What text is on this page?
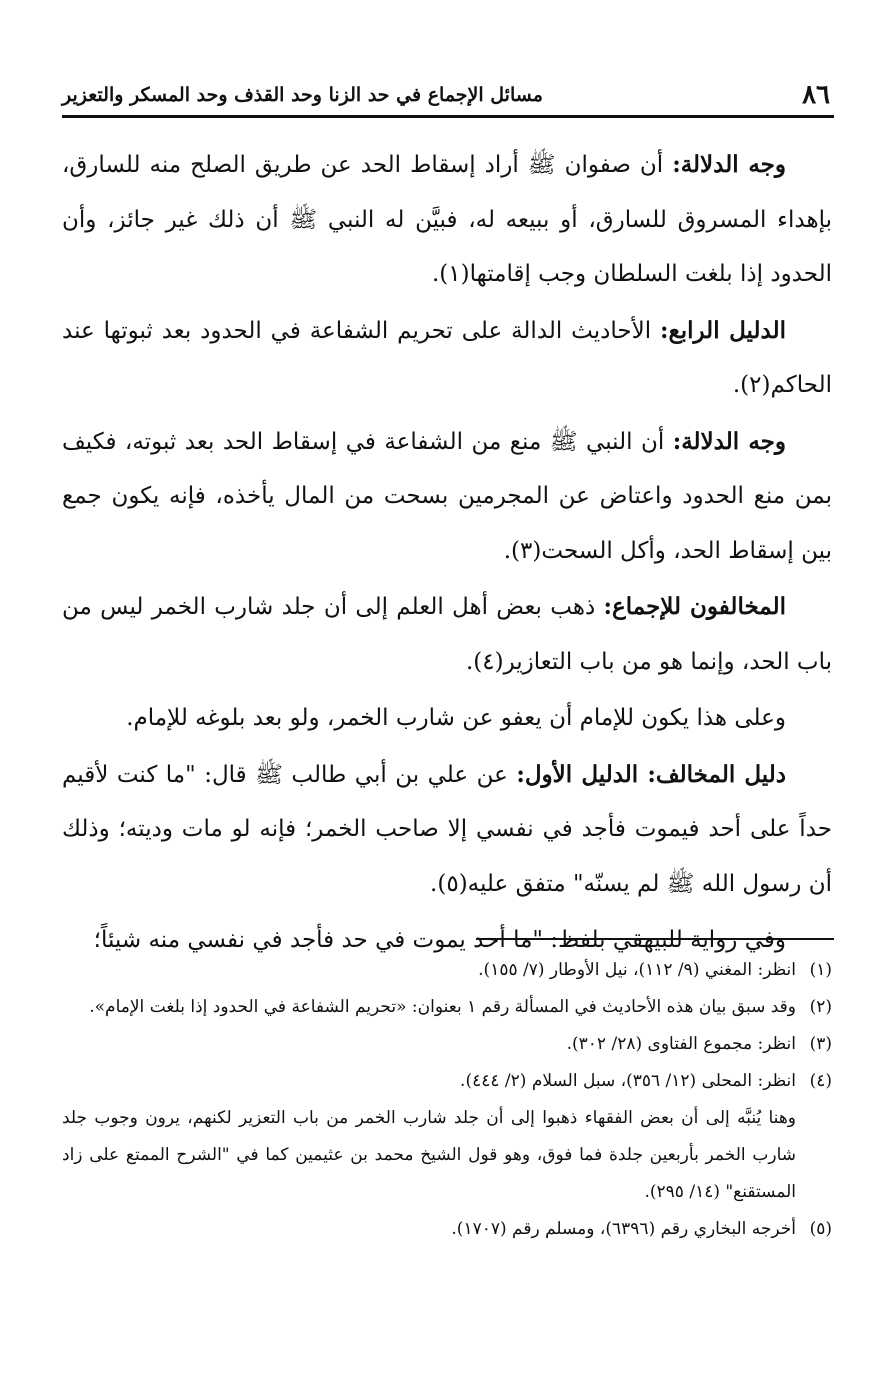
٨٦
مسائل الإجماع في حد الزنا وحد القذف وحد المسكر والتعزير

وجه الدلالة: أن صفوان ﷺ أراد إسقاط الحد عن طريق الصلح منه للسارق، بإهداء المسروق للسارق، أو ببيعه له، فبيَّن له النبي ﷺ أن ذلك غير جائز، وأن الحدود إذا بلغت السلطان وجب إقامتها(١).

الدليل الرابع: الأحاديث الدالة على تحريم الشفاعة في الحدود بعد ثبوتها عند الحاكم(٢).

وجه الدلالة: أن النبي ﷺ منع من الشفاعة في إسقاط الحد بعد ثبوته، فكيف بمن منع الحدود واعتاض عن المجرمين بسحت من المال يأخذه، فإنه يكون جمع بين إسقاط الحد، وأكل السحت(٣).

المخالفون للإجماع: ذهب بعض أهل العلم إلى أن جلد شارب الخمر ليس من باب الحد، وإنما هو من باب التعازير(٤).

وعلى هذا يكون للإمام أن يعفو عن شارب الخمر، ولو بعد بلوغه للإمام.

دليل المخالف: الدليل الأول: عن علي بن أبي طالب ﷺ قال: "ما كنت لأقيم حداً على أحد فيموت فأجد في نفسي إلا صاحب الخمر؛ فإنه لو مات وديته؛ وذلك أن رسول الله ﷺ لم يسنّه" متفق عليه(٥).

وفي رواية للبيهقي بلفظ: "ما أحد يموت في حد فأجد في نفسي منه شيئاً؛

(١)
انظر: المغني (٩/ ١١٢)، نيل الأوطار (٧/ ١٥٥).
(٢)
وقد سبق بيان هذه الأحاديث في المسألة رقم ١ بعنوان: «تحريم الشفاعة في الحدود إذا بلغت الإمام».
(٣)
انظر: مجموع الفتاوى (٢٨/ ٣٠٢).
(٤)
انظر: المحلى (١٢/ ٣٥٦)، سبل السلام (٢/ ٤٤٤).
وهنا يُنبَّه إلى أن بعض الفقهاء ذهبوا إلى أن جلد شارب الخمر من باب التعزير لكنهم، يرون وجوب جلد شارب الخمر بأربعين جلدة فما فوق، وهو قول الشيخ محمد بن عثيمين كما في "الشرح الممتع على زاد المستقنع" (١٤/ ٢٩٥).
(٥)
أخرجه البخاري رقم (٦٣٩٦)، ومسلم رقم (١٧٠٧).
